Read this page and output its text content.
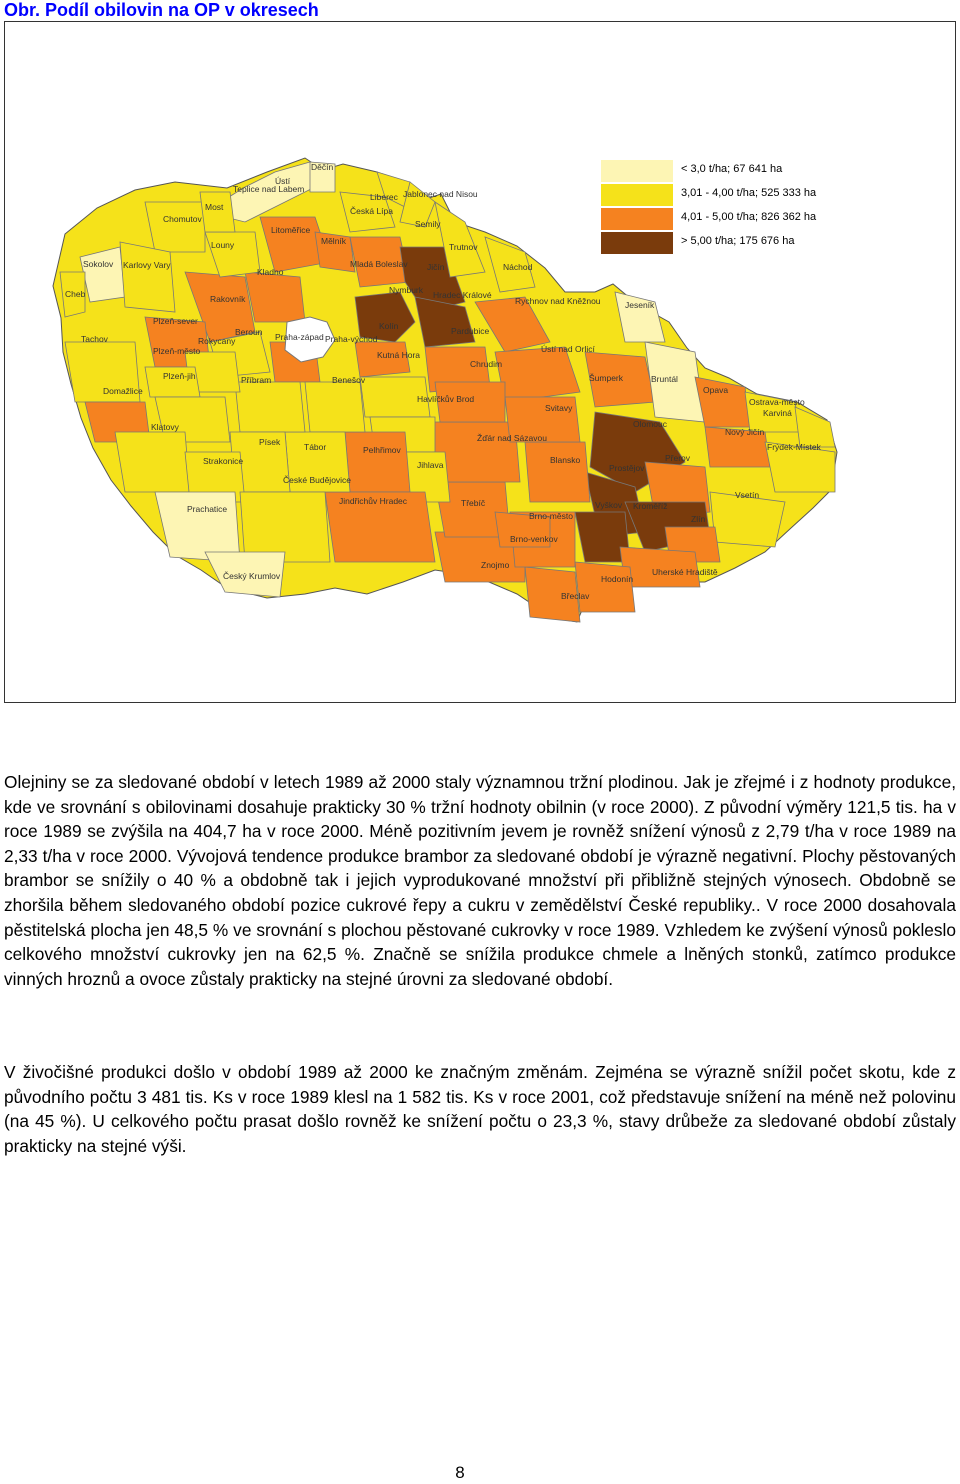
Obr. Podíl obilovin na OP v okresech
Děčín
Ústí
Teplice nad Labem
Most
Liberec Jablonec nad Nisou
Chomutov
Česká Lípa
Semily
Litoměřice
Louny	Mělník
Trutnov
Sokolov Karlovy Vary	Mladá Boleslav Jičín	Náchod
Cheb
Kladno
Nymburk Hradec Králové
Rychnov nad Kněžnou
Rakovník
Jeseník
Plzeň-sever
Beroun Praha-západ
Kolín	Pardubice
Tachov	Rokycany
Plzeň-město
Praha-východ
Ústí nad Orlicí
Šumperk	Bruntál
Plzeň-jih	Příbram	Benešov
Kutná Hora
Chrudim
Domažlice
Havlíčkův Brod
Svitavy
Opava
Olomouc
Ostrava-město
Karviná
Klatovy	Nový Jičín
Písek	Tábor	Pelhřimov
Žďár nad Sázavou
Frýdek-Místek
Strakonice	Jihlava	Blansko
Prostějov
Přerov
České Budějovice
Jindřichův Hradec	Třebíč
Brno-město
Vyškov Kroměříž
Vsetín
Prachatice
Brno-venkov
Zlín
Znojmo
Uherské Hradiště
Hodonín
Český Krumlov
Břeclav
< 3,0 t/ha; 67 641 ha
3,01 - 4,00 t/ha; 525 333 ha
4,01 - 5,00 t/ha; 826 362 ha
> 5,00 t/ha; 175 676 ha

Olejniny se za sledované období v letech 1989 až 2000 staly významnou tržní plodinou. Jak je zřejmé i z hodnoty produkce, kde ve srovnání s obilovinami dosahuje prakticky 30 % tržní hodnoty obilnin (v roce 2000). Z původní výměry 121,5 tis. ha v roce 1989 se zvýšila na 404,7 ha v roce 2000. Méně pozitivním jevem je rovněž snížení výnosů z 2,79 t/ha v roce 1989 na 2,33 t/ha v roce 2000. Vývojová tendence produkce brambor za sledované období je výrazně negativní. Plochy pěstovaných brambor se snížily o 40 % a obdobně tak i jejich vyprodukované množství při přibližně stejných výnosech. Obdobně se zhoršila během sledovaného období pozice cukrové řepy a cukru v zemědělství České republiky.. V roce 2000 dosahovala pěstitelská plocha jen 48,5 % ve srovnání s plochou pěstované cukrovky v roce 1989. Vzhledem ke zvýšení výnosů pokleslo celkového množství cukrovky jen na 62,5 %. Značně se snížila produkce chmele a lněných stonků, zatímco produkce vinných hroznů a ovoce zůstaly prakticky na stejné úrovni za sledované období.

V živočišné produkci došlo v období 1989 až 2000 ke značným změnám. Zejména se výrazně snížil počet skotu, kde z původního počtu 3 481 tis. Ks v roce 1989 klesl na 1 582 tis. Ks v roce 2001, což představuje snížení na méně než polovinu (na 45 %). U celkového počtu prasat došlo rovněž ke snížení počtu o 23,3 %, stavy drůbeže za sledované období zůstaly prakticky na stejné výši.

8
